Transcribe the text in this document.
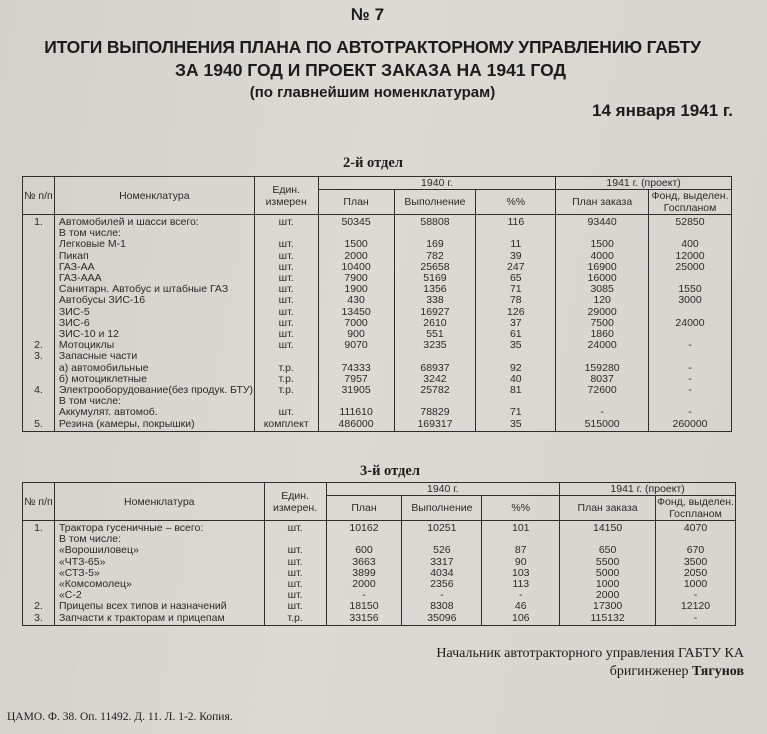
№ 7
ИТОГИ ВЫПОЛНЕНИЯ ПЛАНА ПО АВТОТРАКТОРНОМУ УПРАВЛЕНИЮ ГАБТУ
ЗА 1940 ГОД И ПРОЕКТ ЗАКАЗА НА 1941 ГОД
(по главнейшим номенклатурам)
14 января 1941 г.
2-й отдел
№ п/п	Номенклатура	Един. измерен	1940 г.			1941 г. (проект)	
			План	Выполнение	%%	План заказа	Фонд, выделен. Госпланом
1.	Автомобилей и шасси всего:	шт.	50345	58808	116	93440	52850
	В том числе:						
	Легковые М-1	шт.	1500	169	11	1500	400
	Пикап	шт.	2000	782	39	4000	12000
	ГАЗ-АА	шт.	10400	25658	247	16900	25000
	ГАЗ-ААА	шт.	7900	5169	65	16000	
	Санитарн. Автобус и штабные ГАЗ	шт.	1900	1356	71	3085	1550
	Автобусы ЗИС-16	шт.	430	338	78	120	3000
	ЗИС-5	шт.	13450	16927	126	29000	
	ЗИС-6	шт.	7000	2610	37	7500	24000
	ЗИС-10 и 12	шт.	900	551	61	1860	
2.	Мотоциклы	шт.	9070	3235	35	24000	-
3.	Запасные части						
	а) автомобильные	т.р.	74333	68937	92	159280	-
	б) мотоциклетные	т.р.	7957	3242	40	8037	-
4.	Электрооборудование(без продук. БТУ)	т.р.	31905	25782	81	72600	-
	В том числе:						
	Аккумулят. автомоб.	шт.	111610	78829	71	-	-
5.	Резина (камеры, покрышки)	комплект	486000	169317	35	515000	260000
3-й отдел
№ п/п	Номенклатура	Един. измерен.	1940 г.			1941 г. (проект)	
			План	Выполнение	%%	План заказа	Фонд, выделен. Госпланом
1.	Трактора гусеничные – всего:	шт.	10162	10251	101	14150	4070
	В том числе:						
	«Ворошиловец»	шт.	600	526	87	650	670
	«ЧТЗ-65»	шт.	3663	3317	90	5500	3500
	«СТЗ-5»	шт.	3899	4034	103	5000	2050
	«Комсомолец»	шт.	2000	2356	113	1000	1000
	«С-2	шт.	-	-	-	2000	-
2.	Прицепы всех типов и назначений	шт.	18150	8308	46	17300	12120
3.	Запчасти к тракторам и прицепам	т.р.	33156	35096	106	115132	-
Начальник автотракторного управления ГАБТУ КА
бригинженер Тягунов
ЦАМО. Ф. 38. Оп. 11492. Д. 11. Л. 1-2. Копия.
